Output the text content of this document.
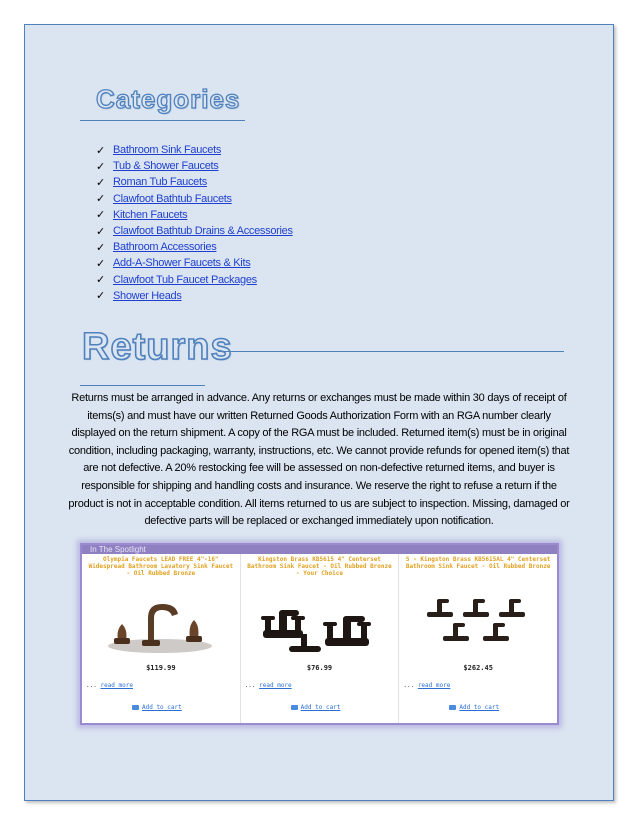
Categories
✓ Bathroom Sink Faucets
✓ Tub & Shower Faucets
✓ Roman Tub Faucets
✓ Clawfoot Bathtub Faucets
✓ Kitchen Faucets
✓ Clawfoot Bathtub Drains & Accessories
✓ Bathroom Accessories
✓ Add-A-Shower Faucets & Kits
✓ Clawfoot Tub Faucet Packages
✓ Shower Heads
Returns
Returns must be arranged in advance. Any returns or exchanges must be made within 30 days of receipt of items(s) and must have our written Returned Goods Authorization Form with an RGA number clearly displayed on the return shipment. A copy of the RGA must be included. Returned item(s) must be in original condition, including packaging, warranty, instructions, etc. We cannot provide refunds for opened item(s) that are not defective. A 20% restocking fee will be assessed on non-defective returned items, and buyer is responsible for shipping and handling costs and insurance. We reserve the right to refuse a return if the product is not in acceptable condition. All items returned to us are subject to inspection. Missing, damaged or defective parts will be replaced or exchanged immediately upon notification.
In The Spotlight
Olympia Faucets LEAD FREE 4"-16" Widespread Bathroom Lavatory Sink Faucet - Oil Rubbed Bronze
$119.99
... read more
Add to cart
Kingston Brass KB5615 4" Centerset Bathroom Sink Faucet - Oil Rubbed Bronze - Your Choice
$76.99
... read more
Add to cart
5 - Kingston Brass KB5615AL 4" Centerset Bathroom Sink Faucet - Oil Rubbed Bronze
$262.45
... read more
Add to cart
